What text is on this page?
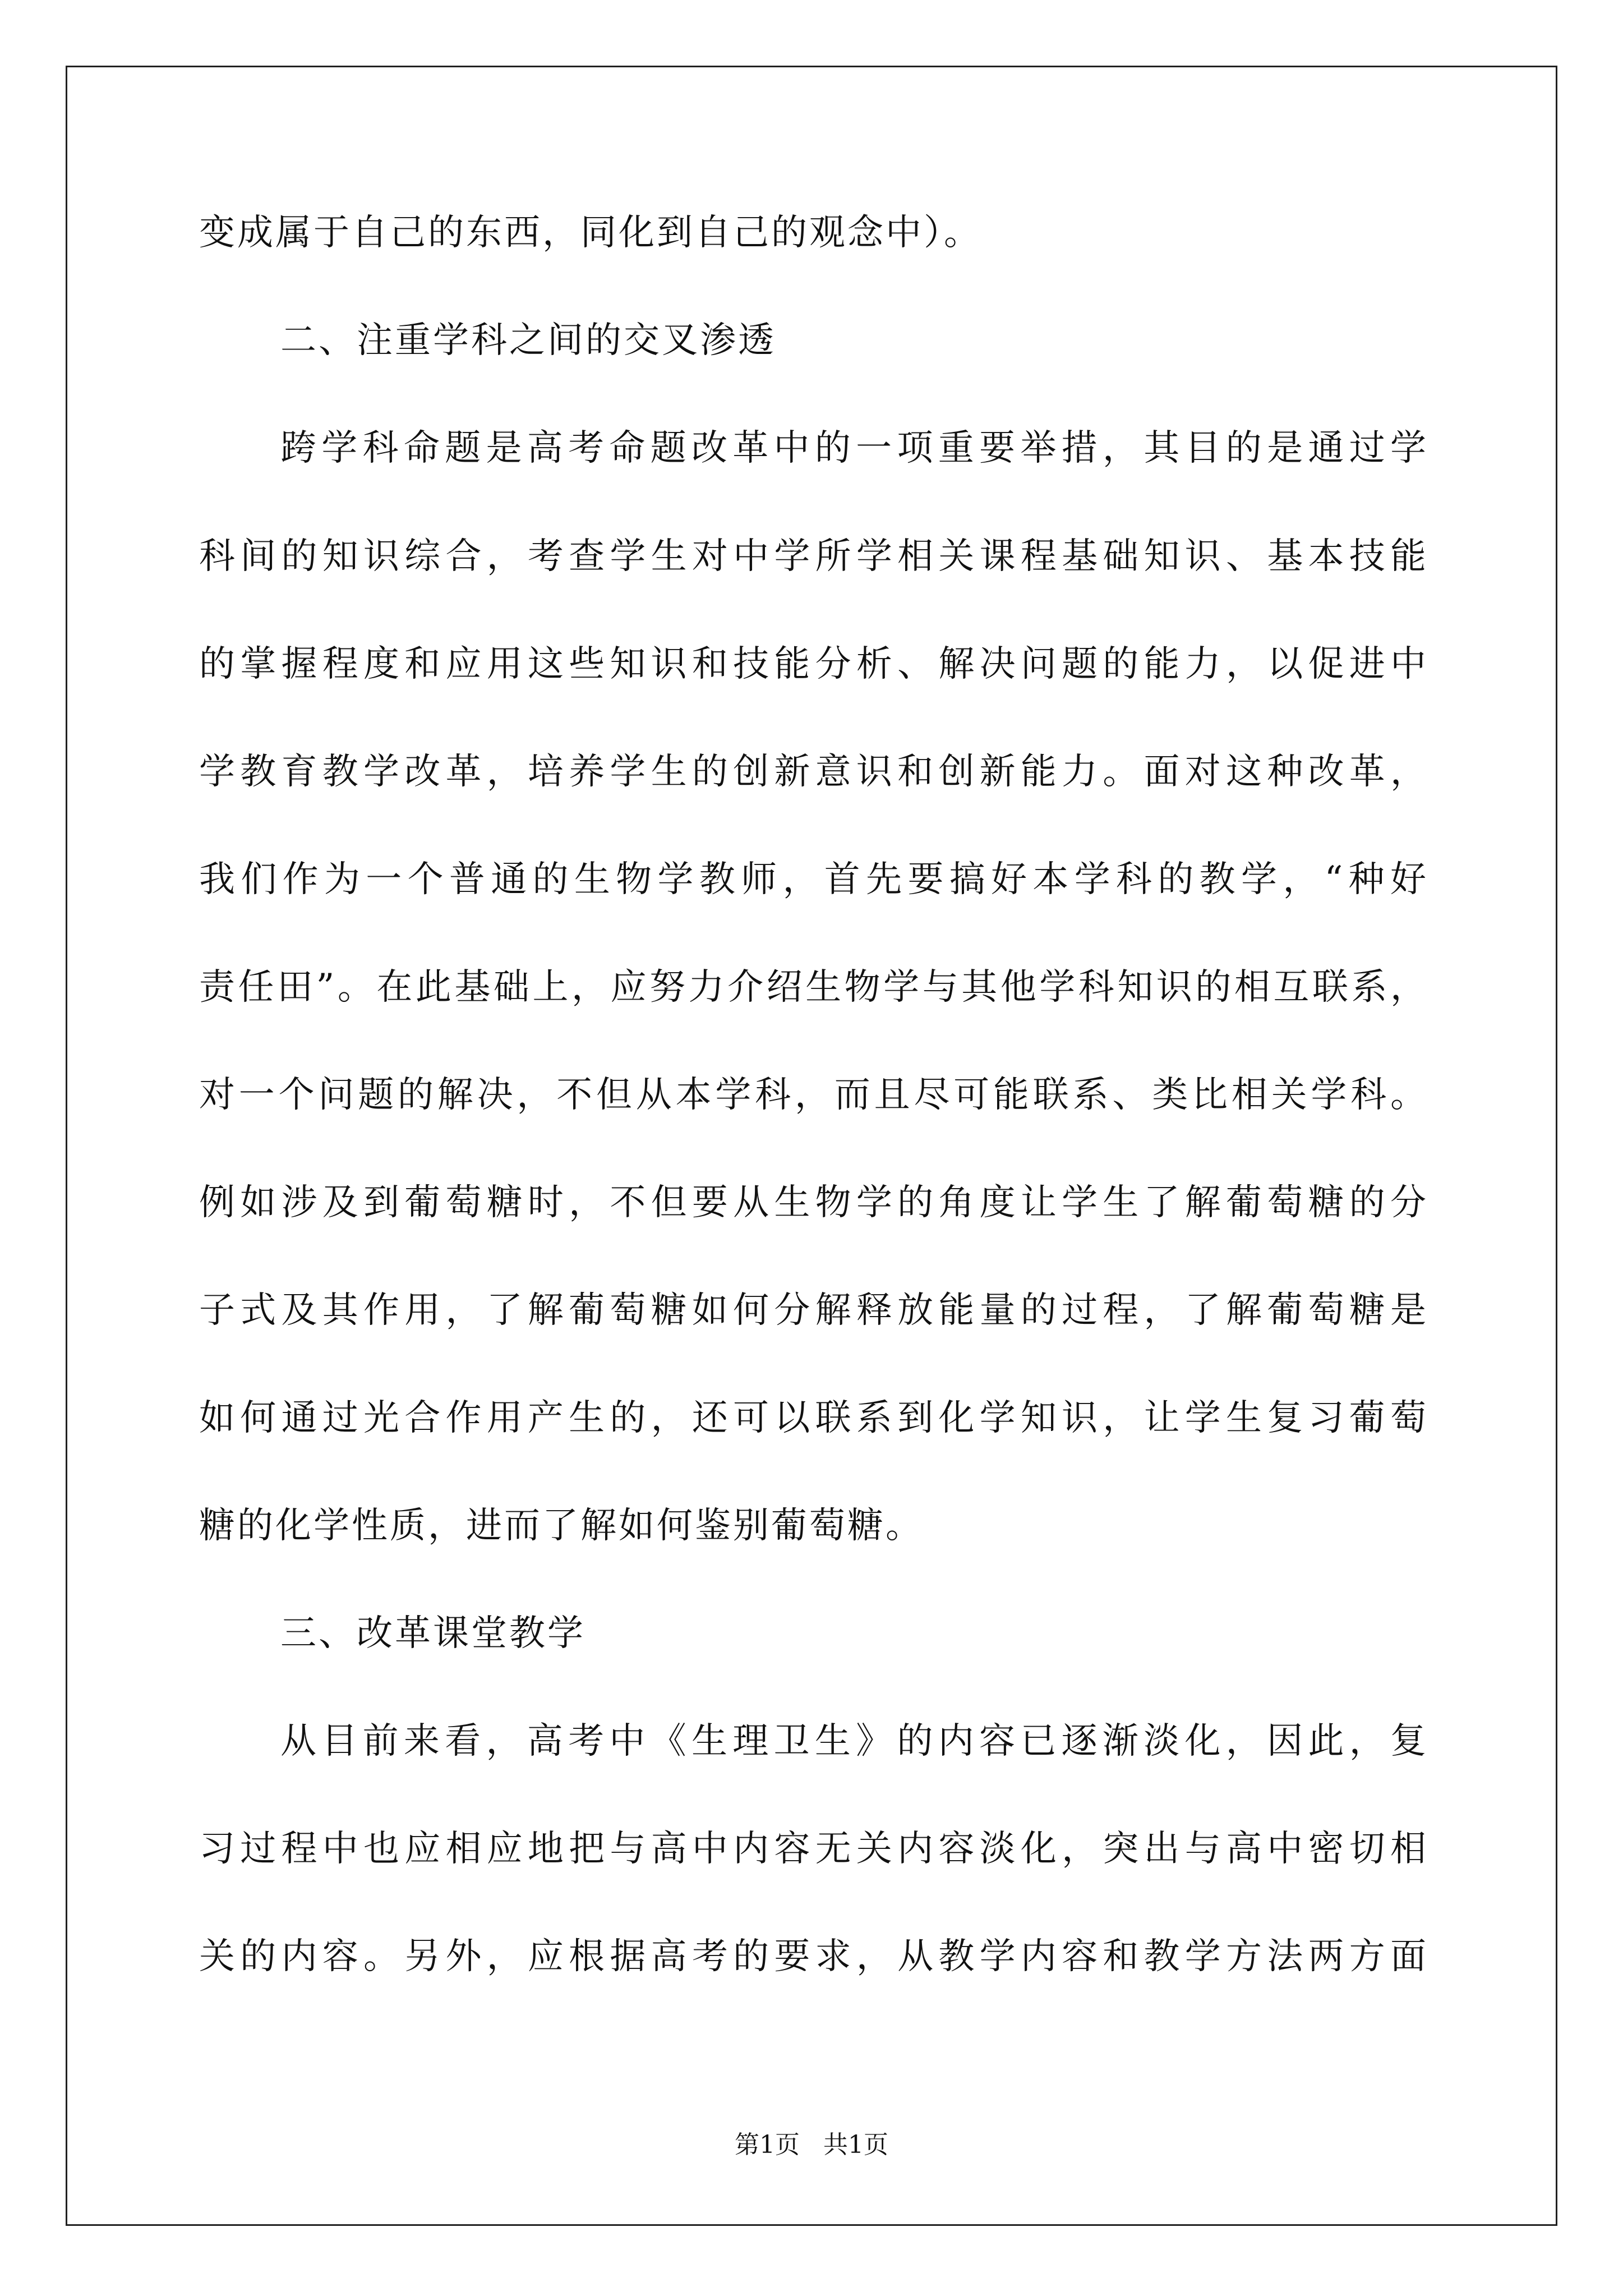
变成属于自己的东西，同化到自己的观念中）。
二、注重学科之间的交叉渗透
跨学科命题是高考命题改革中的一项重要举措，其目的是通过学
科间的知识综合，考查学生对中学所学相关课程基础知识、基本技能
的掌握程度和应用这些知识和技能分析、解决问题的能力，以促进中
学教育教学改革，培养学生的创新意识和创新能力。面对这种改革，
我们作为一个普通的生物学教师，首先要搞好本学科的教学，“种好
责任田”。在此基础上，应努力介绍生物学与其他学科知识的相互联系，
对一个问题的解决，不但从本学科，而且尽可能联系、类比相关学科。
例如涉及到葡萄糖时，不但要从生物学的角度让学生了解葡萄糖的分
子式及其作用，了解葡萄糖如何分解释放能量的过程，了解葡萄糖是
如何通过光合作用产生的，还可以联系到化学知识，让学生复习葡萄
糖的化学性质，进而了解如何鉴别葡萄糖。
三、改革课堂教学
从目前来看，高考中《生理卫生》的内容已逐渐淡化，因此，复
习过程中也应相应地把与高中内容无关内容淡化，突出与高中密切相
关的内容。另外，应根据高考的要求，从教学内容和教学方法两方面
第1页   共1页
